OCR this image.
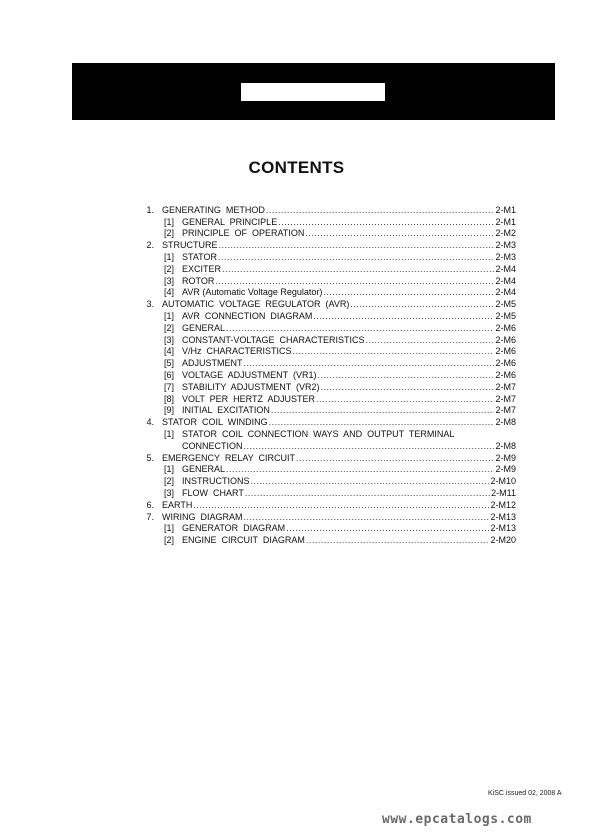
CONTENTS
1. GENERATING  METHOD .....	2-M1
[1] GENERAL  PRINCIPLE .....	2-M1
[2] PRINCIPLE  OF  OPERATION .....	2-M2
2. STRUCTURE .....	2-M3
[1] STATOR .....	2-M3
[2] EXCITER .....	2-M4
[3] ROTOR .....	2-M4
[4] AVR (Automatic Voltage Regulator) .....	2-M4
3. AUTOMATIC  VOLTAGE  REGULATOR  (AVR) .....	2-M5
[1] AVR  CONNECTION  DIAGRAM .....	2-M5
[2] GENERAL .....	2-M6
[3] CONSTANT-VOLTAGE  CHARACTERISTICS .....	2-M6
[4] V/Hz  CHARACTERISTICS .....	2-M6
[5] ADJUSTMENT .....	2-M6
[6] VOLTAGE  ADJUSTMENT  (VR1) .....	2-M6
[7] STABILITY  ADJUSTMENT  (VR2) .....	2-M7
[8] VOLT  PER  HERTZ  ADJUSTER .....	2-M7
[9] INITIAL  EXCITATION .....	2-M7
4. STATOR  COIL  WINDING .....	2-M8
[1] STATOR  COIL  CONNECTION  WAYS  AND  OUTPUT  TERMINAL
CONNECTION .....	2-M8
5. EMERGENCY  RELAY  CIRCUIT .....	2-M9
[1] GENERAL .....	2-M9
[2] INSTRUCTIONS .....	2-M10
[3] FLOW  CHART .....	2-M11
6. EARTH .....	2-M12
7. WIRING  DIAGRAM .....	2-M13
[1] GENERATOR  DIAGRAM .....	2-M13
[2] ENGINE  CIRCUIT  DIAGRAM .....	2-M20
KiSC issued 02, 2008 A
www.epcatalogs.com
